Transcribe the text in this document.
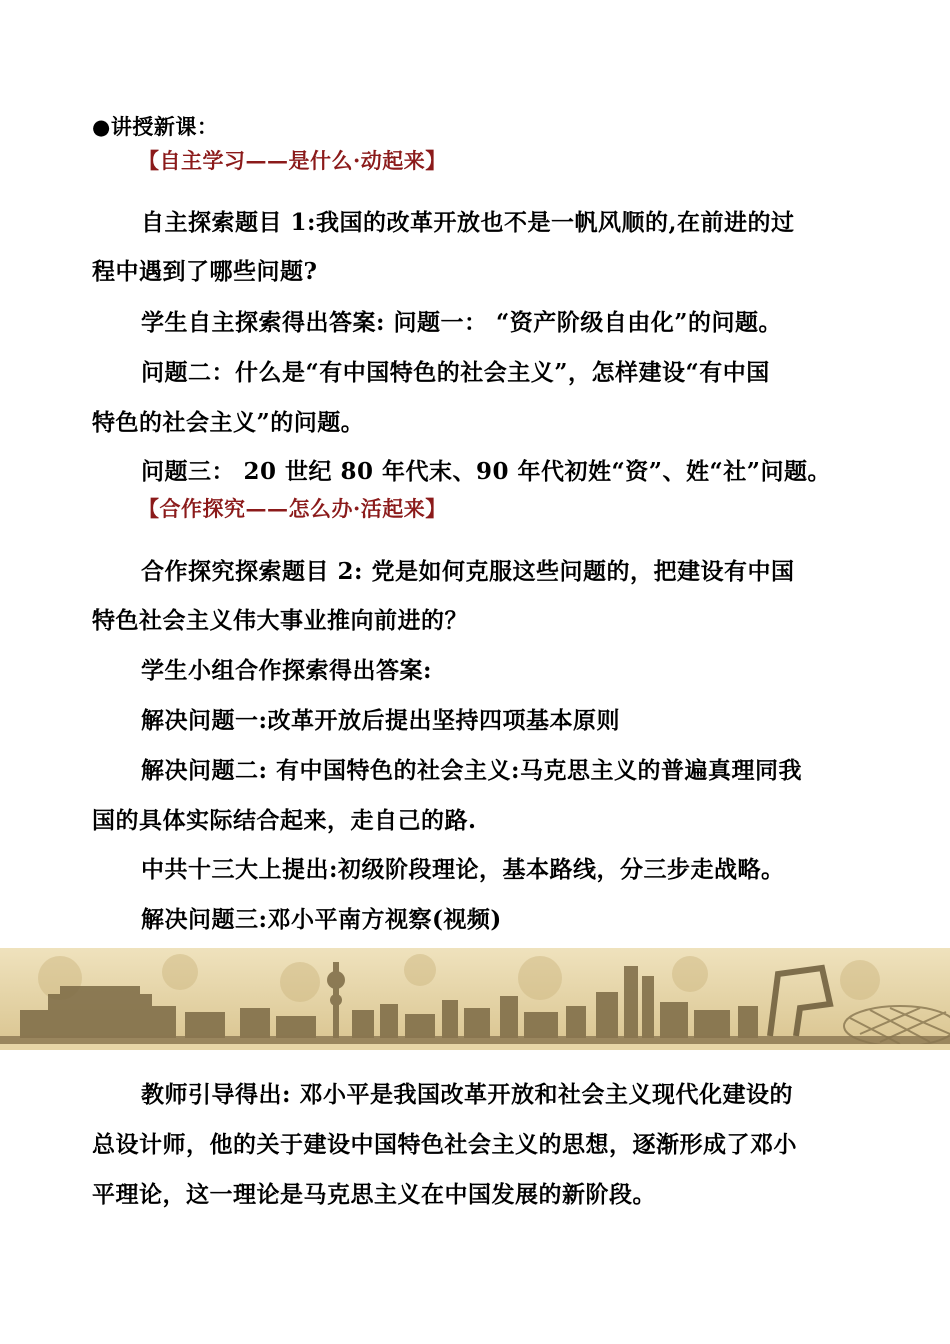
●讲授新课：
【自主学习——是什么·动起来】
自主探索题目 1:我国的改革开放也不是一帆风顺的,在前进的过
程中遇到了哪些问题?
学生自主探索得出答案: 问题一： “资产阶级自由化”的问题。
问题二：什么是“有中国特色的社会主义”，怎样建设“有中国
特色的社会主义”的问题。
问题三： 20 世纪 80 年代末、90 年代初姓“资”、姓“社”问题。
【合作探究——怎么办·活起来】
合作探究探索题目 2: 党是如何克服这些问题的，把建设有中国
特色社会主义伟大事业推向前进的？
学生小组合作探索得出答案:
解决问题一:改革开放后提出坚持四项基本原则
解决问题二: 有中国特色的社会主义:马克思主义的普遍真理同我
国的具体实际结合起来，走自己的路.
中共十三大上提出:初级阶段理论，基本路线，分三步走战略。
解决问题三:邓小平南方视察(视频)
教师引导得出: 邓小平是我国改革开放和社会主义现代化建设的
总设计师，他的关于建设中国特色社会主义的思想，逐渐形成了邓小
平理论，这一理论是马克思主义在中国发展的新阶段。
